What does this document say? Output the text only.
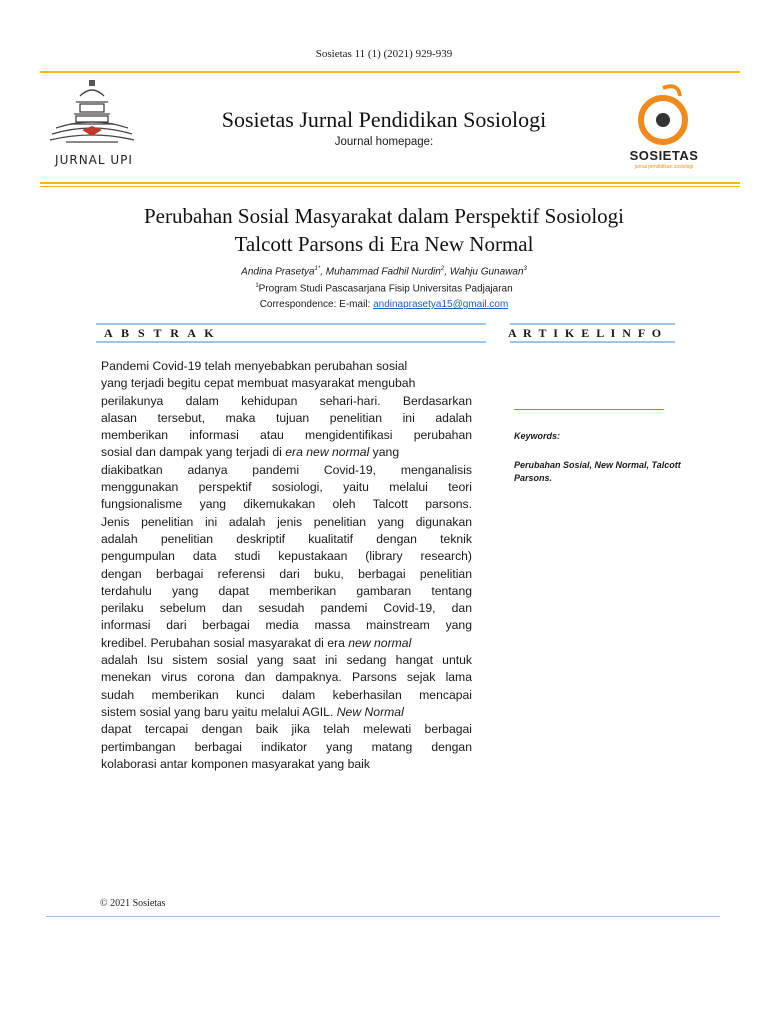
Sosietas 11 (1) (2021) 929-939
JURNAL UPI
Sosietas Jurnal Pendidikan Sosiologi
Journal homepage:
SOSIETAS
jurnal pendidikan sosiologi
Perubahan Sosial Masyarakat dalam Perspektif Sosiologi
Talcott Parsons di Era New Normal
Andina Prasetya$^{1*}$, Muhammad Fadhil Nurdin$^2$, Wahju Gunawan$^3$
$^1$Program Studi Pascasarjana Fisip Universitas Padjajaran
Correspondence: E-mail: andinaprasetya15@gmail.com
A B S T R A K	A R T I K E L I N F O
Pandemi Covid-19 telah menyebabkan perubahan sosial
yang terjadi begitu cepat membuat masyarakat mengubah
perilakunya dalam kehidupan sehari-hari. Berdasarkan
alasan tersebut, maka tujuan penelitian ini adalah
memberikan informasi atau mengidentifikasi perubahan
sosial dan dampak yang terjadi di era new normal yang
diakibatkan adanya pandemi Covid-19, menganalisis
menggunakan perspektif sosiologi, yaitu melalui teori
fungsionalisme yang dikemukakan oleh Talcott parsons.
Jenis penelitian ini adalah jenis penelitian yang digunakan
adalah penelitian deskriptif kualitatif dengan teknik
pengumpulan data studi kepustakaan (library research)
dengan berbagai referensi dari buku, berbagai penelitian
terdahulu yang dapat memberikan gambaran tentang
perilaku sebelum dan sesudah pandemi Covid-19, dan
informasi dari berbagai media massa mainstream yang
kredibel. Perubahan sosial masyarakat di era new normal
adalah Isu sistem sosial yang saat ini sedang hangat untuk
menekan virus corona dan dampaknya. Parsons sejak lama
sudah memberikan kunci dalam keberhasilan mencapai
sistem sosial yang baru yaitu melalui AGIL. New Normal
dapat tercapai dengan baik jika telah melewati berbagai
pertimbangan berbagai indikator yang matang dengan
kolaborasi antar komponen masyarakat yang baik
Keywords:
Perubahan Sosial, New Normal, Talcott Parsons.
© 2021 Sosietas
